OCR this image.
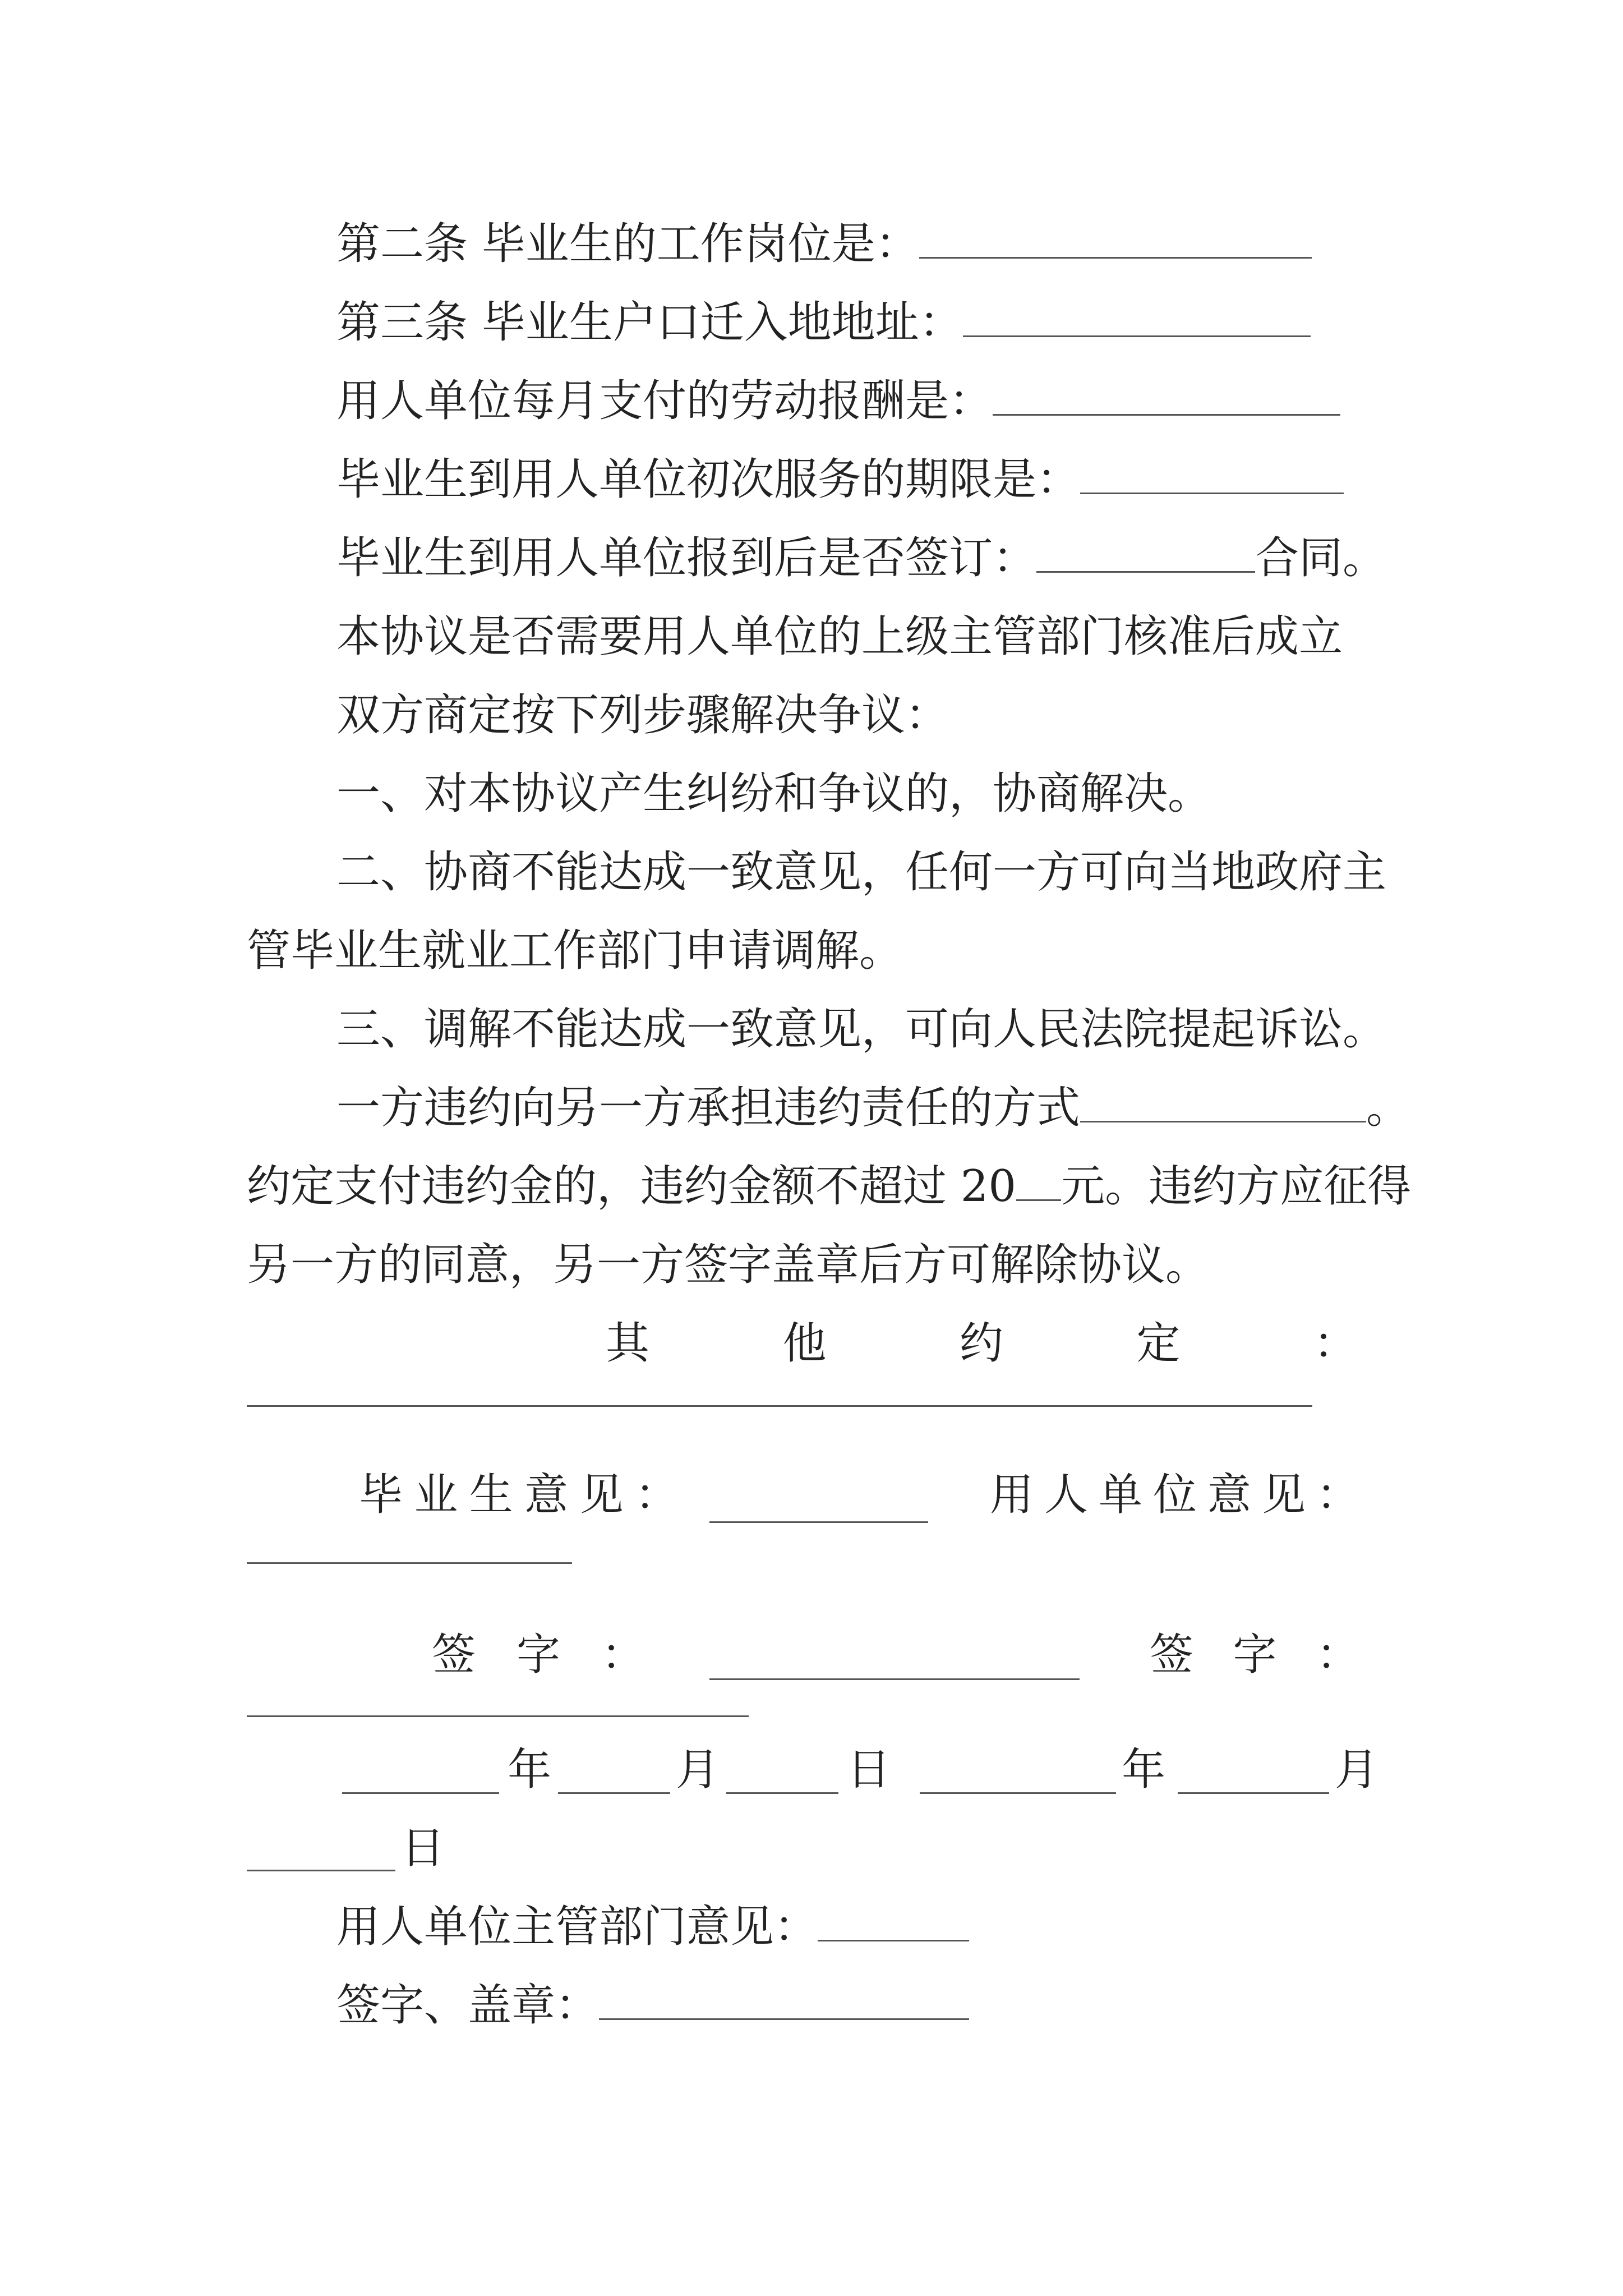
第二条 毕业生的工作岗位是：
第三条 毕业生户口迁入地地址：
用人单位每月支付的劳动报酬是：
毕业生到用人单位初次服务的期限是：
毕业生到用人单位报到后是否签订：	合同。
本协议是否需要用人单位的上级主管部门核准后成立
双方商定按下列步骤解决争议：
一、对本协议产生纠纷和争议的，协商解决。
二、协商不能达成一致意见，任何一方可向当地政府主
管毕业生就业工作部门申请调解。
三、调解不能达成一致意见，可向人民法院提起诉讼。
一方违约向另一方承担违约责任的方式	。
约定支付违约金的，违约金额不超过 20 元。违约方应征得
另一方的同意，另一方签字盖章后方可解除协议。
其	他	约	定	：
毕 业 生 意 见 ：	用 人 单 位 意 见 ：
签 字 ：	签 字 ：
年	月	日	年	月
日
用人单位主管部门意见：
签字、盖章：
